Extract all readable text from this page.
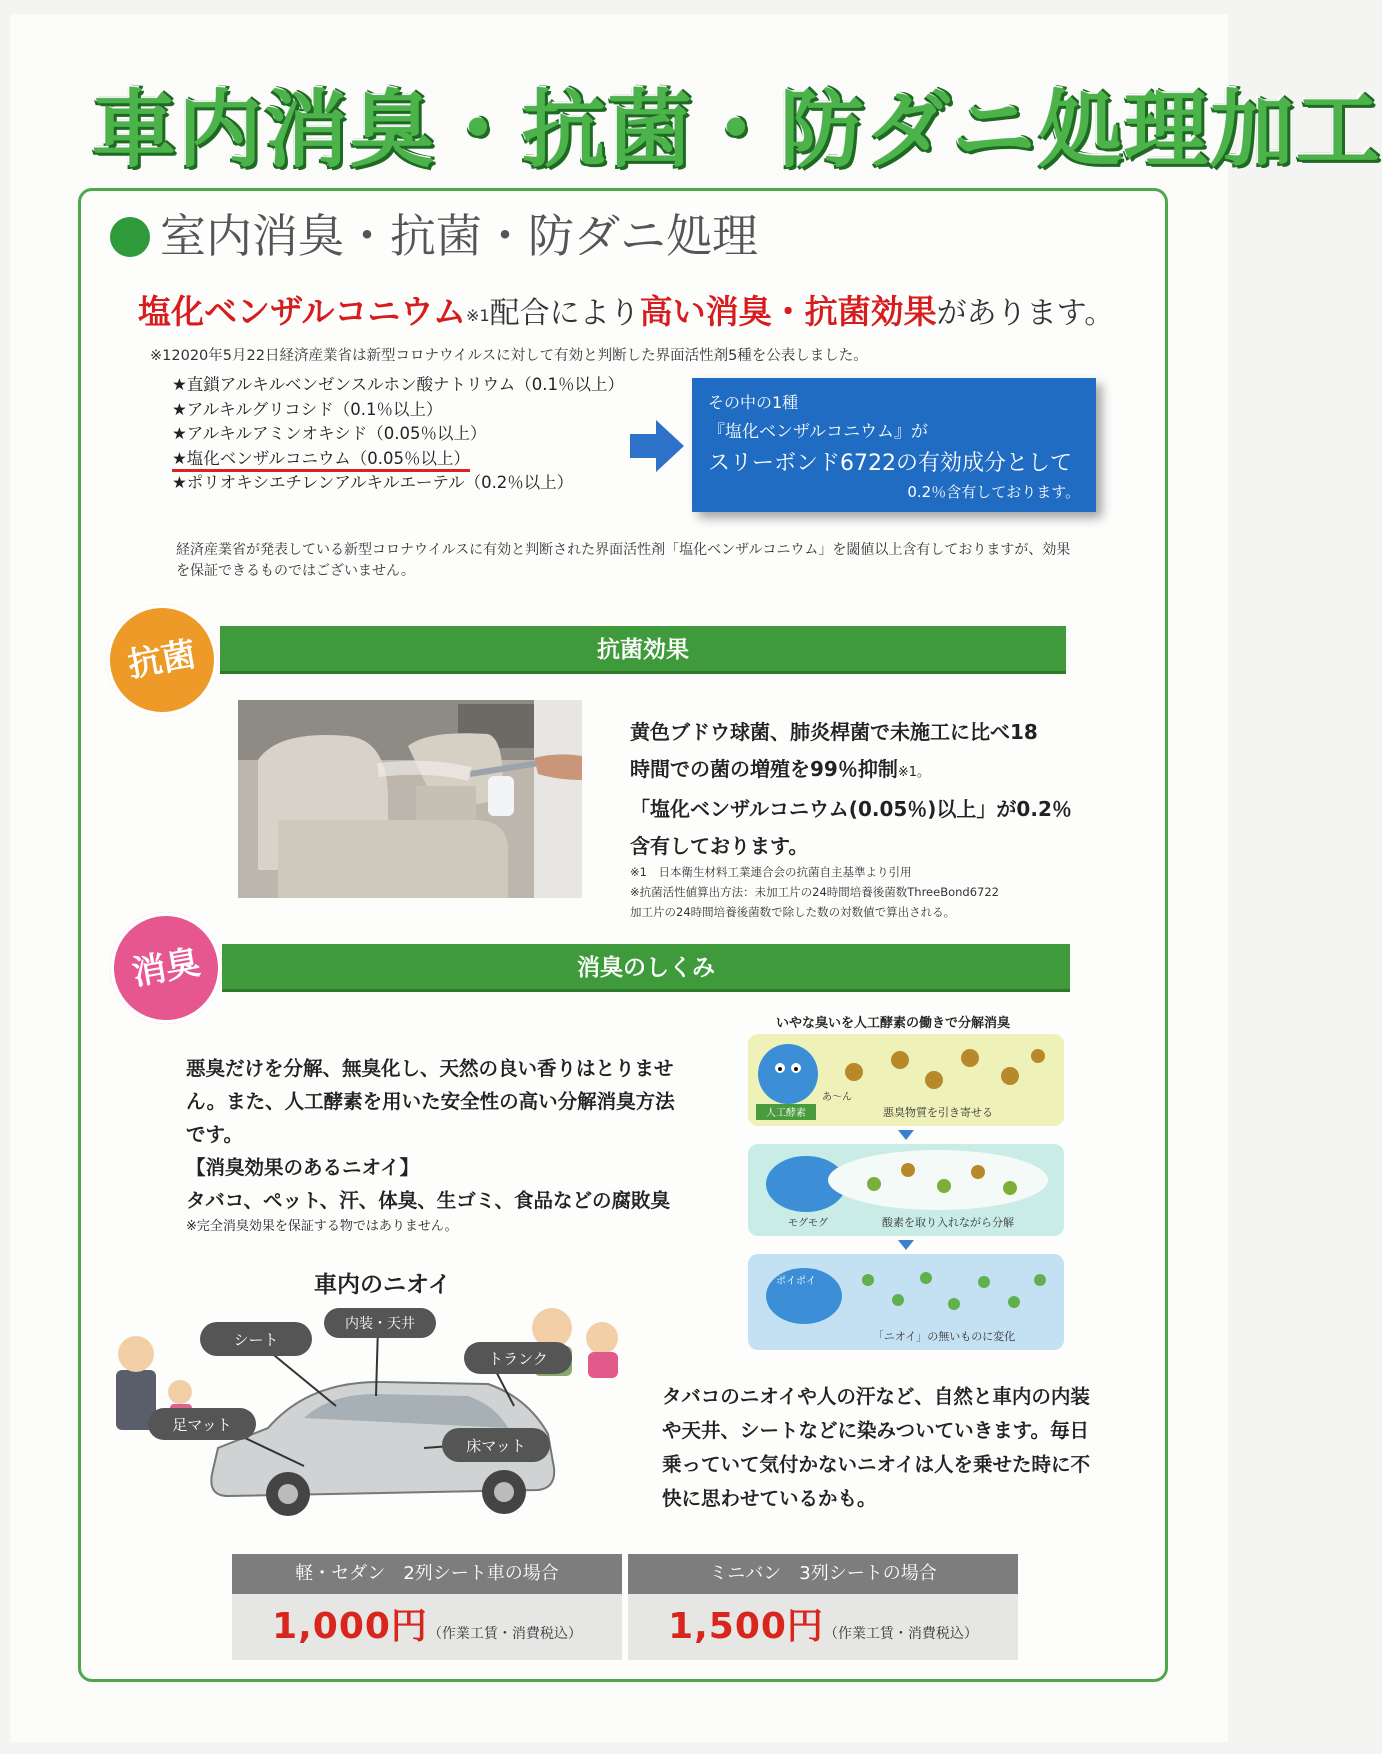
車内消臭・抗菌・防ダニ処理加工
室内消臭・抗菌・防ダニ処理
塩化ベンザルコニウム※1配合により高い消臭・抗菌効果があります。
※12020年5月22日経済産業省は新型コロナウイルスに対して有効と判断した界面活性剤5種を公表しました。
★直鎖アルキルベンゼンスルホン酸ナトリウム（0.1％以上）
★アルキルグリコシド（0.1％以上）
★アルキルアミンオキシド（0.05％以上）
★塩化ベンザルコニウム（0.05％以上）
★ポリオキシエチレンアルキルエーテル（0.2％以上）
その中の1種
『塩化ベンザルコニウム』が
スリーボンド6722の有効成分として
0.2％含有しております。
経済産業省が発表している新型コロナウイルスに有効と判断された界面活性剤「塩化ベンザルコニウム」を閾値以上含有しておりますが、効果を保証できるものではございません。
抗菌	抗菌効果
黄色ブドウ球菌、肺炎桿菌で未施工に比べ18
時間での菌の増殖を99％抑制※1。
「塩化ベンザルコニウム(0.05％)以上」が0.2％
含有しております。
※1　日本衛生材料工業連合会の抗菌自主基準より引用
※抗菌活性値算出方法：未加工片の24時間培養後菌数ThreeBond6722
加工片の24時間培養後菌数で除した数の対数値で算出される。
消臭	消臭のしくみ
悪臭だけを分解、無臭化し、天然の良い香りはとりません。また、人工酵素を用いた安全性の高い分解消臭方法です。
【消臭効果のあるニオイ】
タバコ、ペット、汗、体臭、生ゴミ、食品などの腐敗臭
※完全消臭効果を保証する物ではありません。
いやな臭いを人工酵素の働きで分解消臭
人工酵素
あ〜ん
悪臭物質を引き寄せる
モグモグ	酸素を取り入れながら分解
ポイポイ
「ニオイ」の無いものに変化
車内のニオイ
シート
内装・天井
トランク
足マット
床マット
タバコのニオイや人の汗など、自然と車内の内装や天井、シートなどに染みついていきます。毎日乗っていて気付かないニオイは人を乗せた時に不快に思わせているかも。
軽・セダン　2列シート車の場合
1,000円（作業工賃・消費税込）
ミニバン　3列シートの場合
1,500円（作業工賃・消費税込）
